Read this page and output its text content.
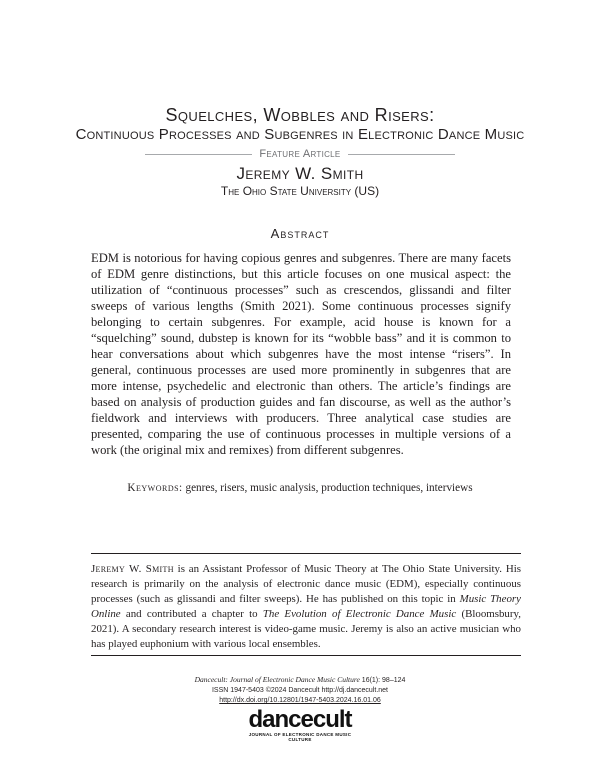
Squelches, Wobbles and Risers:
Continuous Processes and Subgenres in Electronic Dance Music
Feature Article
Jeremy W. Smith
The Ohio State University (US)
Abstract
EDM is notorious for having copious genres and subgenres. There are many facets of EDM genre distinctions, but this article focuses on one musical aspect: the utilization of “continuous processes” such as crescendos, glissandi and filter sweeps of various lengths (Smith 2021). Some continuous processes signify belonging to certain subgenres. For example, acid house is known for a “squelching” sound, dubstep is known for its “wobble bass” and it is common to hear conversations about which subgenres have the most intense “risers”. In general, continuous processes are used more prominently in subgenres that are more intense, psychedelic and electronic than others. The article’s findings are based on analysis of production guides and fan discourse, as well as the author’s fieldwork and interviews with producers. Three analytical case studies are presented, comparing the use of continuous processes in multiple versions of a work (the original mix and remixes) from different subgenres.
Keywords: genres, risers, music analysis, production techniques, interviews
Jeremy W. Smith is an Assistant Professor of Music Theory at The Ohio State University. His research is primarily on the analysis of electronic dance music (EDM), especially continuous processes (such as glissandi and filter sweeps). He has published on this topic in Music Theory Online and contributed a chapter to The Evolution of Electronic Dance Music (Bloomsbury, 2021). A secondary research interest is video-game music. Jeremy is also an active musician who has played euphonium with various local ensembles.
Dancecult: Journal of Electronic Dance Music Culture 16(1): 98–124
ISSN 1947-5403 ©2024 Dancecult http://dj.dancecult.net
http://dx.doi.org/10.12801/1947-5403.2024.16.01.06
dancecult
JOURNAL OF ELECTRONIC DANCE MUSIC CULTURE
